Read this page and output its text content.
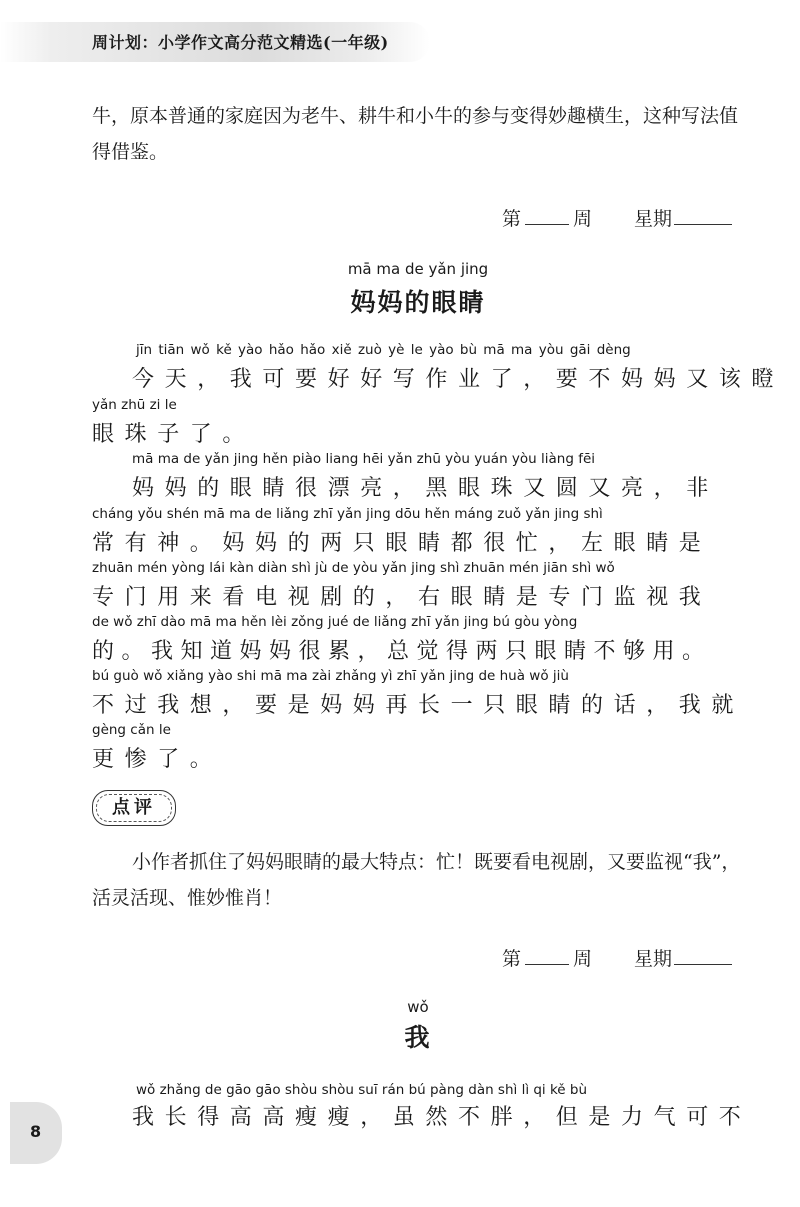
周计划：小学作文高分范文精选(一年级)
牛，原本普通的家庭因为老牛、耕牛和小牛的参与变得妙趣横生，这种写法值
得借鉴。
第	周 星期
mā ma de yǎn jing
妈妈的眼睛
jīn tiān wǒ kě yào hǎo hǎo xiě zuò yè le yào bù mā ma yòu gāi dèng
今天，我可要好好写作业了，要不妈妈又该瞪
yǎn zhū zi le
眼珠子了。
mā ma de yǎn jing hěn piào liang hēi yǎn zhū yòu yuán yòu liàng fēi
妈妈的眼睛很漂亮，黑眼珠又圆又亮，非
cháng yǒu shén mā ma de liǎng zhī yǎn jing dōu hěn máng zuǒ yǎn jing shì
常有神。妈妈的两只眼睛都很忙，左眼睛是
zhuān mén yòng lái kàn diàn shì jù de yòu yǎn jing shì zhuān mén jiān shì wǒ
专门用来看电视剧的，右眼睛是专门监视我
de wǒ zhī dào mā ma hěn lèi zǒng jué de liǎng zhī yǎn jing bú gòu yòng
的。我知道妈妈很累，总觉得两只眼睛不够用。
bú guò wǒ xiǎng yào shi mā ma zài zhǎng yì zhī yǎn jing de huà wǒ jiù
不过我想，要是妈妈再长一只眼睛的话，我就
gèng cǎn le
更惨了。
点评
小作者抓住了妈妈眼睛的最大特点：忙！既要看电视剧，又要监视“我”，
活灵活现、惟妙惟肖！
第	周 星期
wǒ
我
wǒ zhǎng de gāo gāo shòu shòu suī rán bú pàng dàn shì lì qi kě bù
我长得高高瘦瘦，虽然不胖，但是力气可不
8
